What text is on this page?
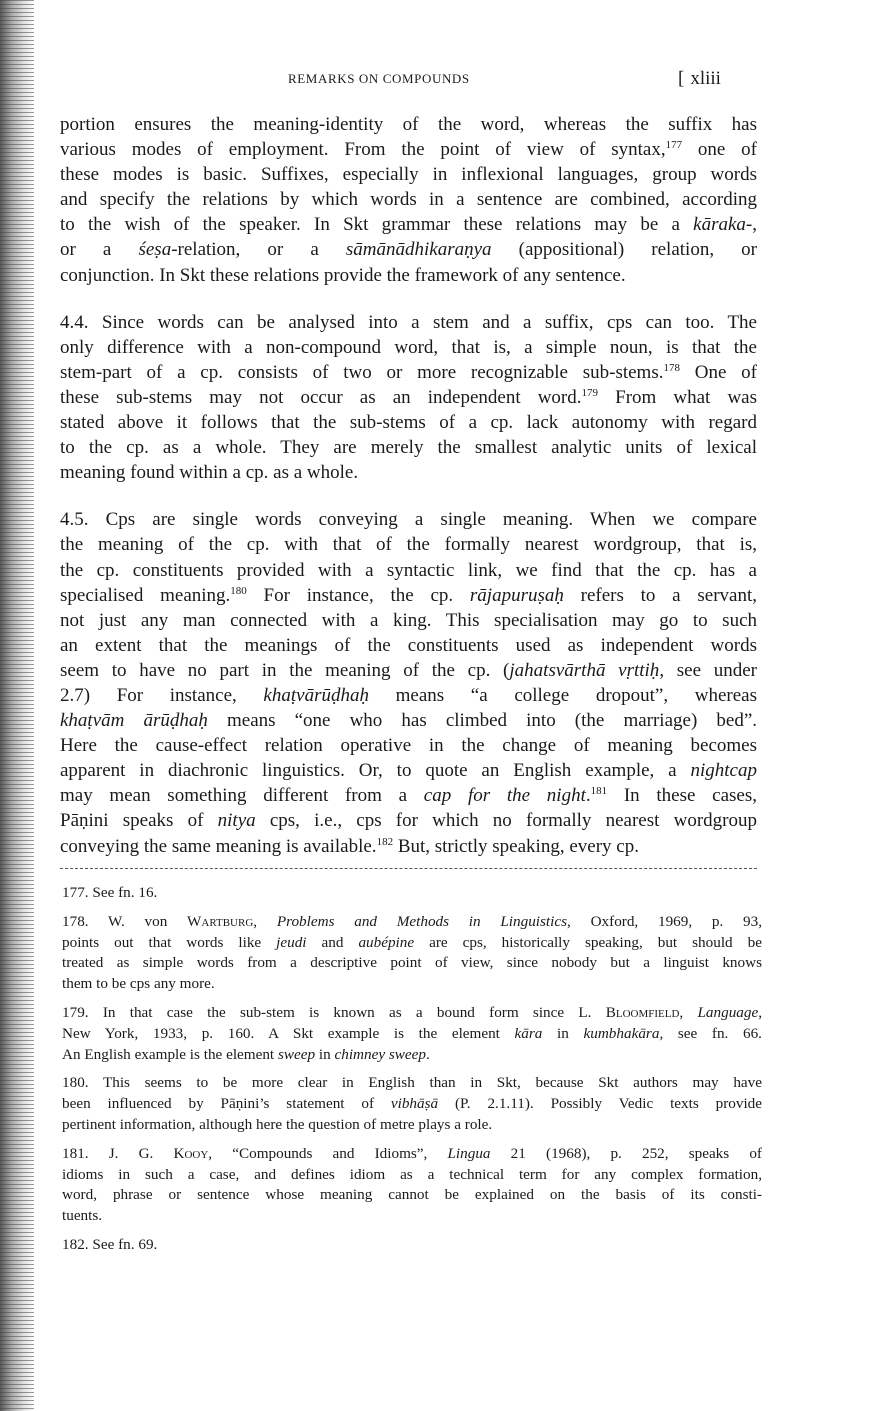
REMARKS ON COMPOUNDS	[ xliii
portion ensures the meaning-identity of the word, whereas the suffix has
various modes of employment. From the point of view of syntax,$^{177}$ one of
these modes is basic. Suffixes, especially in inflexional languages, group words
and specify the relations by which words in a sentence are combined, according
to the wish of the speaker. In Skt grammar these relations may be a kāraka-,
or a śeṣa-relation, or a sāmānādhikaraṇya (appositional) relation, or
conjunction. In Skt these relations provide the framework of any sentence.
4.4. Since words can be analysed into a stem and a suffix, cps can too. The
only difference with a non-compound word, that is, a simple noun, is that the
stem-part of a cp. consists of two or more recognizable sub-stems.$^{178}$ One of
these sub-stems may not occur as an independent word.$^{179}$ From what was
stated above it follows that the sub-stems of a cp. lack autonomy with regard
to the cp. as a whole. They are merely the smallest analytic units of lexical
meaning found within a cp. as a whole.
4.5. Cps are single words conveying a single meaning. When we compare
the meaning of the cp. with that of the formally nearest wordgroup, that is,
the cp. constituents provided with a syntactic link, we find that the cp. has a
specialised meaning.$^{180}$ For instance, the cp. rājapuruṣaḥ refers to a servant,
not just any man connected with a king. This specialisation may go to such
an extent that the meanings of the constituents used as independent words
seem to have no part in the meaning of the cp. (jahatsvārthā vṛttiḥ, see under
2.7) For instance, khaṭvārūḍhaḥ means “a college dropout”, whereas
khaṭvām ārūḍhaḥ means “one who has climbed into (the marriage) bed”.
Here the cause-effect relation operative in the change of meaning becomes
apparent in diachronic linguistics. Or, to quote an English example, a nightcap
may mean something different from a cap for the night.$^{181}$ In these cases,
Pāṇini speaks of nitya cps, i.e., cps for which no formally nearest wordgroup
conveying the same meaning is available.$^{182}$ But, strictly speaking, every cp.
177. See fn. 16.
178. W. von Wartburg, Problems and Methods in Linguistics, Oxford, 1969, p. 93,
points out that words like jeudi and aubépine are cps, historically speaking, but should be
treated as simple words from a descriptive point of view, since nobody but a linguist knows
them to be cps any more.
179. In that case the sub-stem is known as a bound form since L. Bloomfield, Language,
New York, 1933, p. 160. A Skt example is the element kāra in kumbhakāra, see fn. 66.
An English example is the element sweep in chimney sweep.
180. This seems to be more clear in English than in Skt, because Skt authors may have
been influenced by Pāṇini’s statement of vibhāṣā (P. 2.1.11). Possibly Vedic texts provide
pertinent information, although here the question of metre plays a role.
181. J. G. Kooy, “Compounds and Idioms”, Lingua 21 (1968), p. 252, speaks of
idioms in such a case, and defines idiom as a technical term for any complex formation,
word, phrase or sentence whose meaning cannot be explained on the basis of its consti-
tuents.
182. See fn. 69.
